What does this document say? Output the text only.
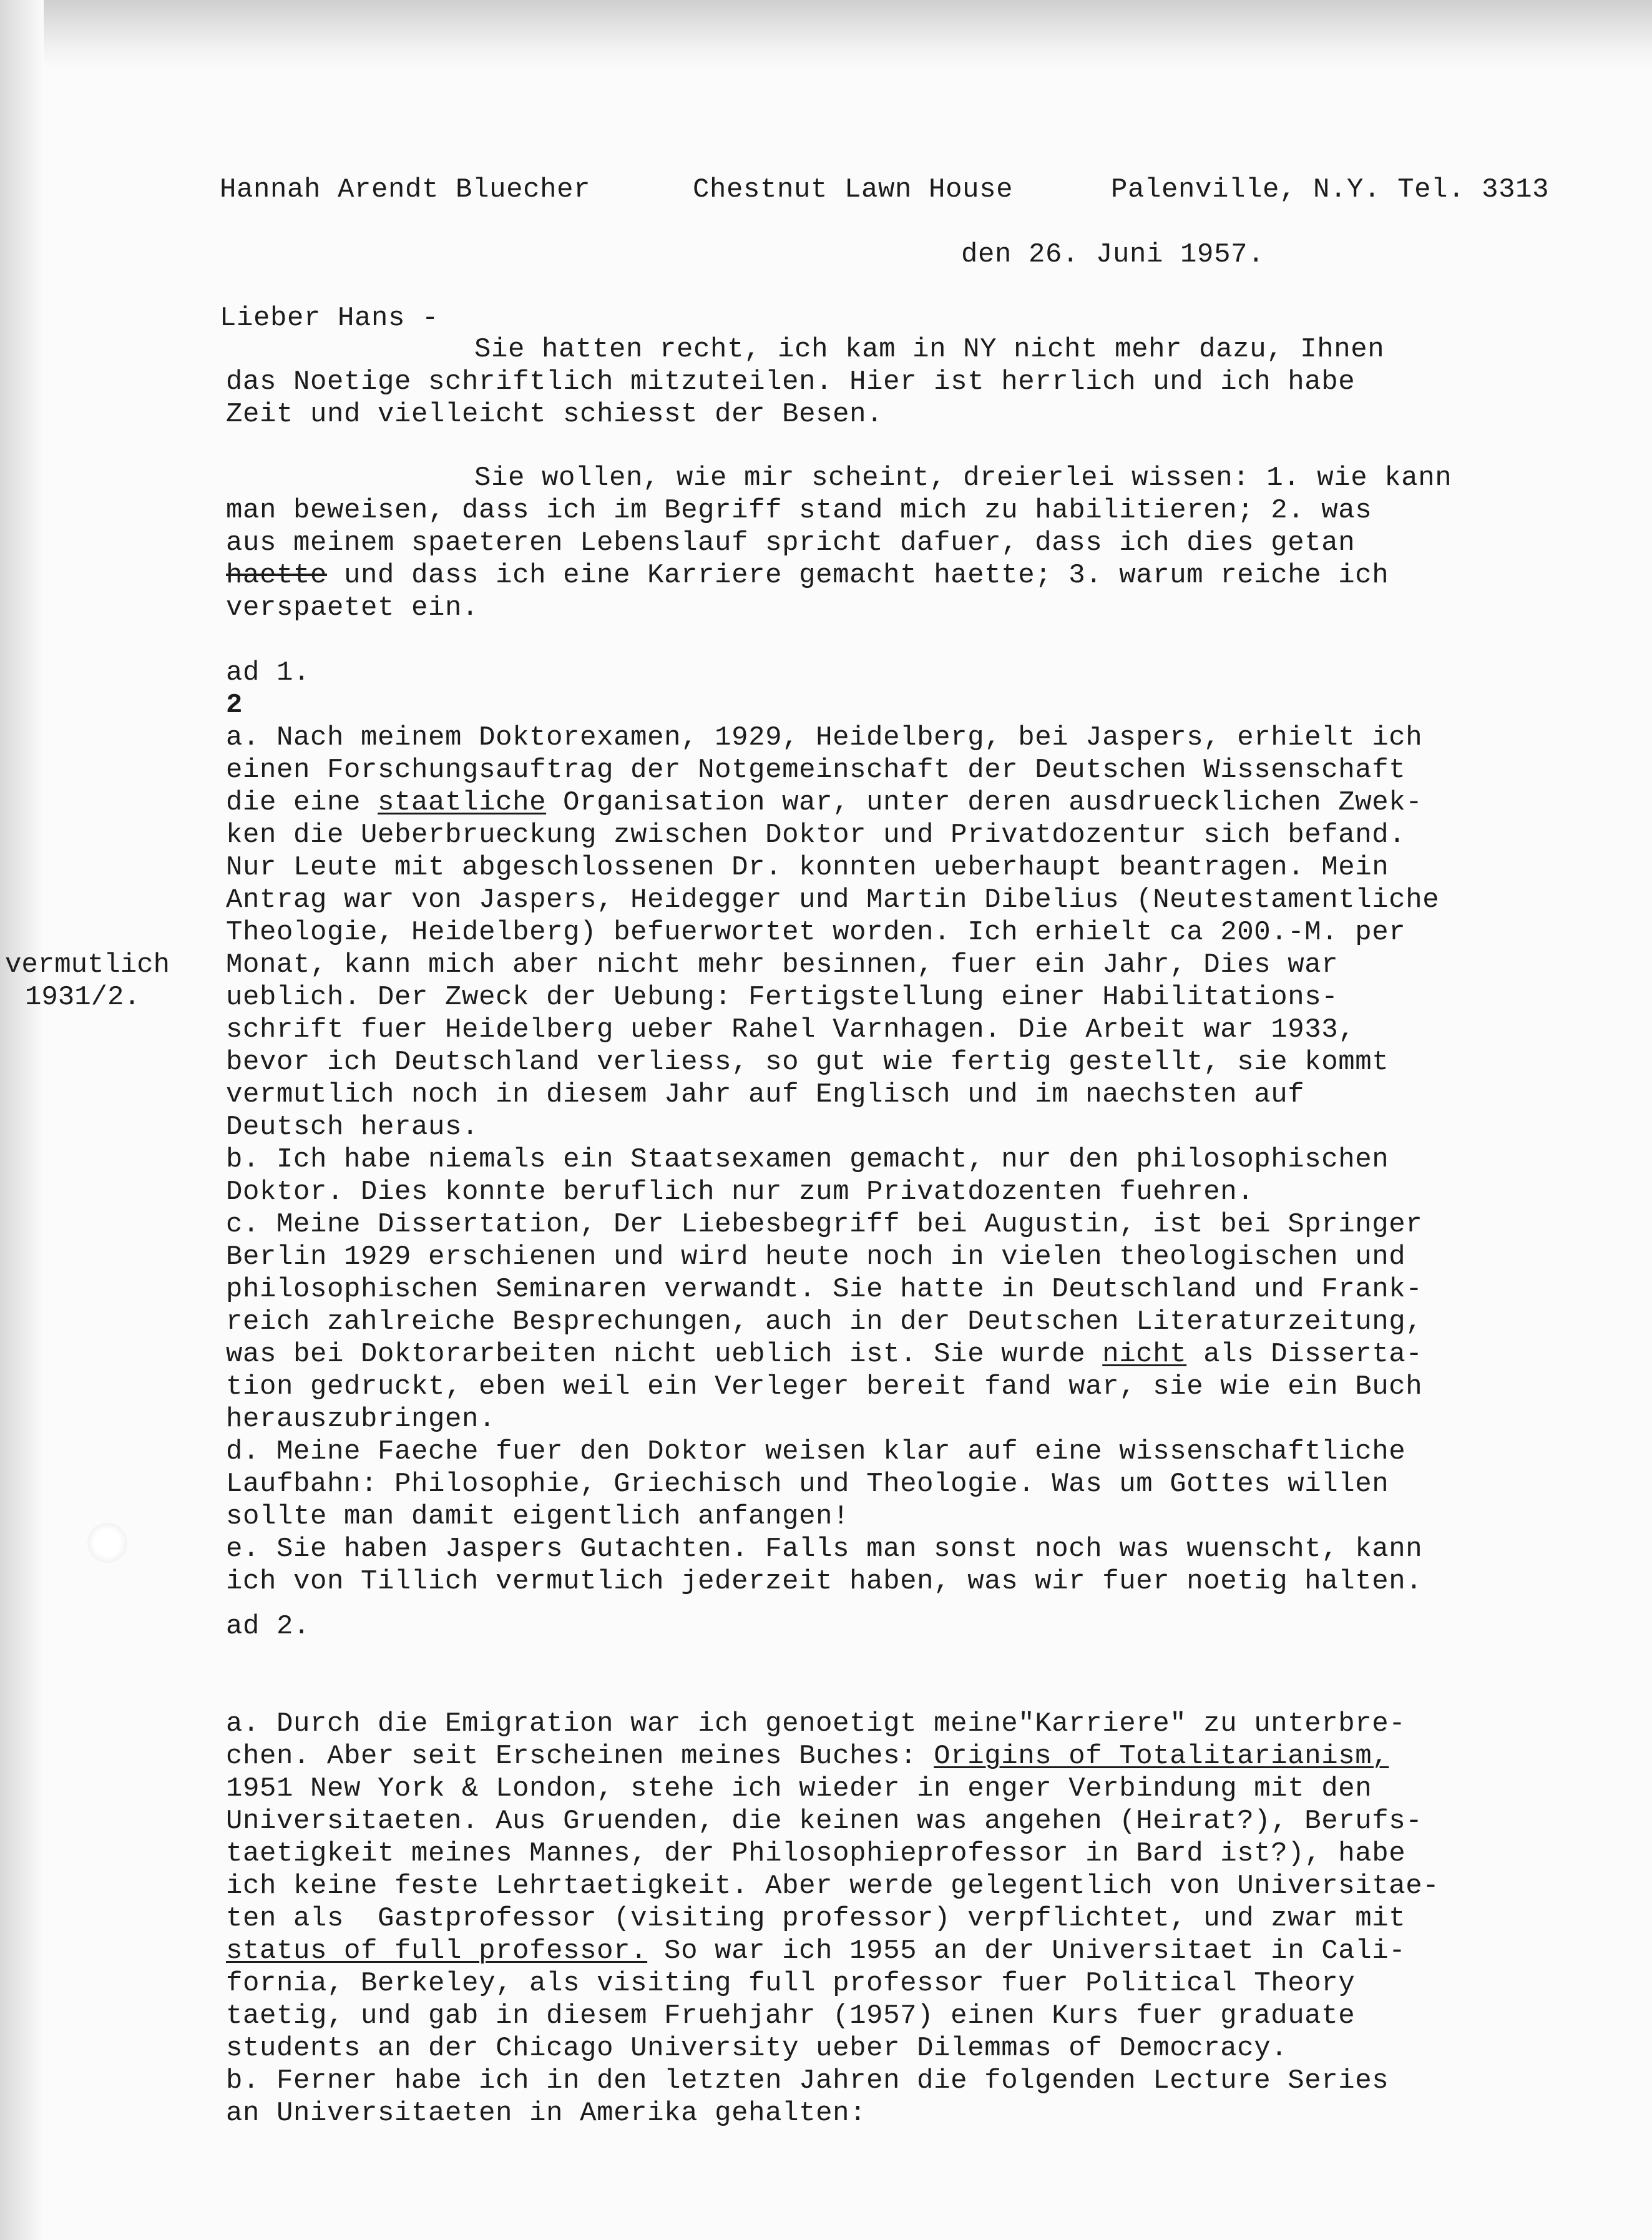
Hannah Arendt Bluecher	Chestnut Lawn House	Palenville, N.Y. Tel. 3313
den 26. Juni 1957.
Lieber Hans -
Sie hatten recht, ich kam in NY nicht mehr dazu, Ihnen
das Noetige schriftlich mitzuteilen. Hier ist herrlich und ich habe
Zeit und vielleicht schiesst der Besen.
Sie wollen, wie mir scheint, dreierlei wissen: 1. wie kann
man beweisen, dass ich im Begriff stand mich zu habilitieren; 2. was
aus meinem spaeteren Lebenslauf spricht dafuer, dass ich dies getan
haette und dass ich eine Karriere gemacht haette; 3. warum reiche ich
verspaetet ein.
ad 1.
2
vermutlich
1931/2.
a. Nach meinem Doktorexamen, 1929, Heidelberg, bei Jaspers, erhielt ich
einen Forschungsauftrag der Notgemeinschaft der Deutschen Wissenschaft
die eine staatliche Organisation war, unter deren ausdruecklichen Zwek-
ken die Ueberbrueckung zwischen Doktor und Privatdozentur sich befand.
Nur Leute mit abgeschlossenen Dr. konnten ueberhaupt beantragen. Mein
Antrag war von Jaspers, Heidegger und Martin Dibelius (Neutestamentliche
Theologie, Heidelberg) befuerwortet worden. Ich erhielt ca 200.-M. per
Monat, kann mich aber nicht mehr besinnen, fuer ein Jahr, Dies war
ueblich. Der Zweck der Uebung: Fertigstellung einer Habilitations-
schrift fuer Heidelberg ueber Rahel Varnhagen. Die Arbeit war 1933,
bevor ich Deutschland verliess, so gut wie fertig gestellt, sie kommt
vermutlich noch in diesem Jahr auf Englisch und im naechsten auf
Deutsch heraus.
b. Ich habe niemals ein Staatsexamen gemacht, nur den philosophischen
Doktor. Dies konnte beruflich nur zum Privatdozenten fuehren.
c. Meine Dissertation, Der Liebesbegriff bei Augustin, ist bei Springer
Berlin 1929 erschienen und wird heute noch in vielen theologischen und
philosophischen Seminaren verwandt. Sie hatte in Deutschland und Frank-
reich zahlreiche Besprechungen, auch in der Deutschen Literaturzeitung,
was bei Doktorarbeiten nicht ueblich ist. Sie wurde nicht als Disserta-
tion gedruckt, eben weil ein Verleger bereit fand war, sie wie ein Buch
herauszubringen.
d. Meine Faeche fuer den Doktor weisen klar auf eine wissenschaftliche
Laufbahn: Philosophie, Griechisch und Theologie. Was um Gottes willen
sollte man damit eigentlich anfangen!
e. Sie haben Jaspers Gutachten. Falls man sonst noch was wuenscht, kann
ich von Tillich vermutlich jederzeit haben, was wir fuer noetig halten.
ad 2.
a. Durch die Emigration war ich genoetigt meine"Karriere" zu unterbre-
chen. Aber seit Erscheinen meines Buches: Origins of Totalitarianism,
1951 New York & London, stehe ich wieder in enger Verbindung mit den
Universitaeten. Aus Gruenden, die keinen was angehen (Heirat?), Berufs-
taetigkeit meines Mannes, der Philosophieprofessor in Bard ist?), habe
ich keine feste Lehrtaetigkeit. Aber werde gelegentlich von Universitae-
ten als  Gastprofessor (visiting professor) verpflichtet, und zwar mit
status of full professor. So war ich 1955 an der Universitaet in Cali-
fornia, Berkeley, als visiting full professor fuer Political Theory
taetig, und gab in diesem Fruehjahr (1957) einen Kurs fuer graduate
students an der Chicago University ueber Dilemmas of Democracy.
b. Ferner habe ich in den letzten Jahren die folgenden Lecture Series
an Universitaeten in Amerika gehalten:
